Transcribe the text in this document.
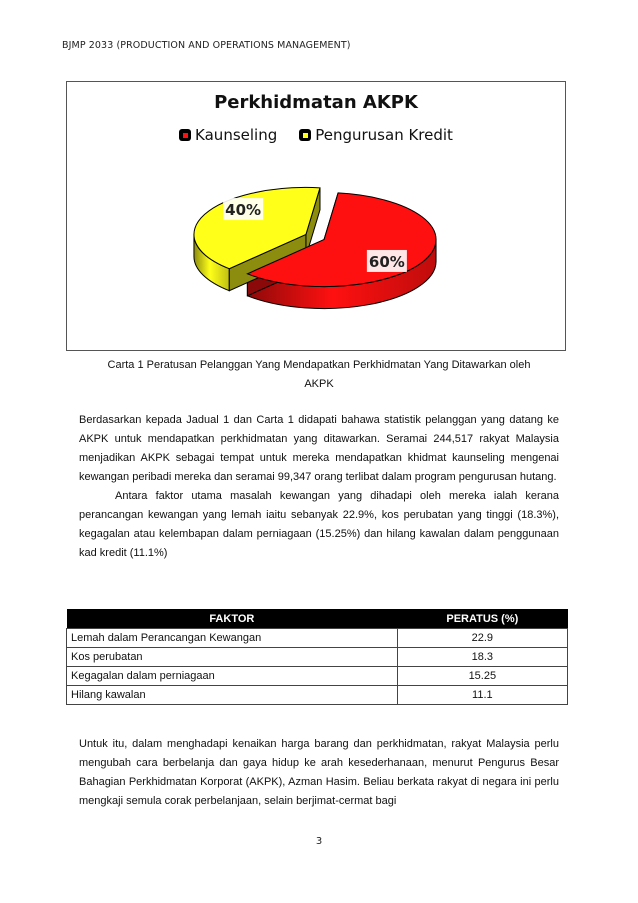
BJMP 2033 (PRODUCTION AND OPERATIONS MANAGEMENT)
Perkhidmatan AKPK
Kaunseling	Pengurusan Kredit
60%
40%
Carta 1 Peratusan Pelanggan Yang Mendapatkan Perkhidmatan Yang Ditawarkan oleh
AKPK

Berdasarkan kepada Jadual 1 dan Carta 1 didapati bahawa statistik pelanggan yang datang ke AKPK untuk mendapatkan perkhidmatan yang ditawarkan. Seramai 244,517 rakyat Malaysia menjadikan AKPK sebagai tempat untuk mereka mendapatkan khidmat kaunseling mengenai kewangan peribadi mereka dan seramai 99,347 orang terlibat dalam program pengurusan hutang.

Antara faktor utama masalah kewangan yang dihadapi oleh mereka ialah kerana perancangan kewangan yang lemah iaitu sebanyak 22.9%, kos perubatan yang tinggi (18.3%), kegagalan atau kelembapan dalam perniagaan (15.25%) dan hilang kawalan dalam penggunaan kad kredit (11.1%)

FAKTOR	PERATUS (%)
Lemah dalam Perancangan Kewangan	22.9
Kos perubatan	18.3
Kegagalan dalam perniagaan	15.25
Hilang kawalan	11.1

Untuk itu, dalam menghadapi kenaikan harga barang dan perkhidmatan, rakyat Malaysia perlu mengubah cara berbelanja dan gaya hidup ke arah kesederhanaan, menurut Pengurus Besar Bahagian Perkhidmatan Korporat (AKPK), Azman Hasim. Beliau berkata rakyat di negara ini perlu mengkaji semula corak perbelanjaan, selain berjimat-cermat bagi

3
